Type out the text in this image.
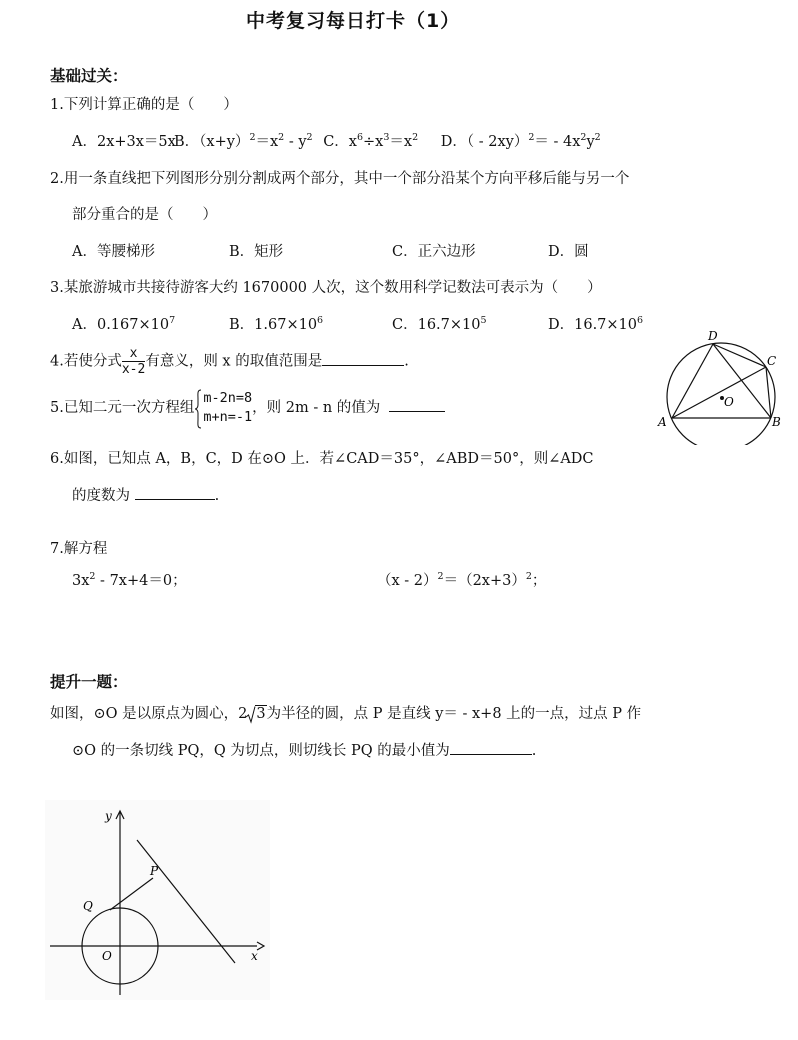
中考复习每日打卡（1）
基础过关：
1.下列计算正确的是（　　）
A．2x+3x＝5xB．$(x+y)^2=x^2 - y^2$ C．$x^6\div x^3=x^2$ D．（ - $2xy)^2= - 4x^2y^2$
2.用一条直线把下列图形分别分割成两个部分，其中一个部分沿某个方向平移后能与另一个
部分重合的是（　　）
A．等腰梯形	B．矩形	C．正六边形	D．圆
3.某旅游城市共接待游客大约 1670000 人次，这个数用科学记数法可表示为（　　）
A．$0.167\times 10^7$	B．$1.67\times 10^6$	C．$16.7\times 10^5$	D．$16.7\times 10^6$
4.若使分式 $\frac{x}{x-2}$ 有意义，则 x 的取值范围是	.
5.已知二元一次方程组
m-2n=8
m+n=-1
，则 2m - n 的值为
6.如图，已知点 A，B，C，D 在⊙O 上．若∠CAD＝35°，∠ABD＝50°，则∠ADC
的度数为	.
A	B
C
D
O
7.解方程
$3x^2 - 7x+4=0$；	$(x - 2)^2=(2x+3)^2$；
提升一题：
如图，⊙O 是以原点为圆心，2 3为半径的圆，点 P 是直线 y＝ - x+8 上的一点，过点 P 作
⊙O 的一条切线 PQ，Q 为切点，则切线长 PQ 的最小值为	.
y
x
P
Q
O
